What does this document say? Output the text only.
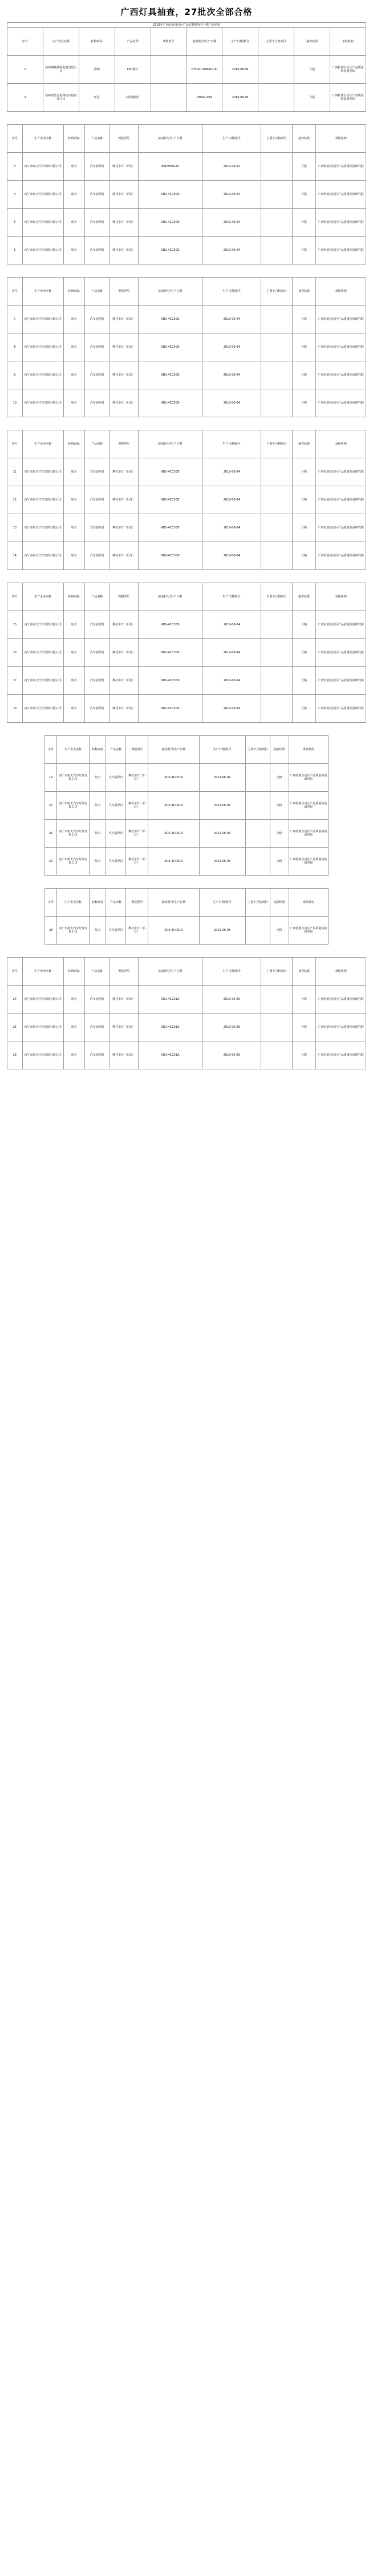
广西灯具抽查，27批次全部合格
2019年广西壮族自治区产品监督抽查不合格产品名单									
序号	生产企业名称	标称商标	产品名称	规格型号	抽查批号/生产日期	生产日期/批号	主要不合格项目	抽查结果	承检机构
1	桂林博威照明电器有限公司	照明	LED路灯		PT5L87-06640100	2019-06-04		合格	广西壮族自治区产品质量检验研究院
2	桂林恒达光电科技有限责任公司	恒达	太阳能路灯		93042-039	2019-06-04		合格	广西壮族自治区产品质量检验研究院
序号	生产企业名称	标称商标	产品名称	规格型号	抽查批号/生产日期	生产日期/批号	主要不合格项目	抽查结果	承检机构
3	南宁市航天汽车灯饰有限公司	航天	汽车前照灯	摩托车灯（后灯）	B4D800G20	2019-06-02		合格	广西壮族自治区产品质量检验研究院
4	南宁市航天汽车灯饰有限公司	航天	汽车前照灯	摩托车灯（后灯）	XD1-4CC50D	2019-06-04		合格	广西壮族自治区产品质量检验研究院
5	南宁市航天汽车灯饰有限公司	航天	汽车前照灯	摩托车灯（后灯）	XD1-4CC50D	2019-06-04		合格	广西壮族自治区产品质量检验研究院
6	南宁市航天汽车灯饰有限公司	航天	汽车前照灯	摩托车灯（后灯）	XD1-4CC50D	2019-06-04		合格	广西壮族自治区产品质量检验研究院
序号	生产企业名称	标称商标	产品名称	规格型号	抽查批号/生产日期	生产日期/批号	主要不合格项目	抽查结果	承检机构
7	南宁市航天汽车灯饰有限公司	航天	汽车前照灯	摩托车灯（后灯）	XD1-4CC50D	2019-06-04		合格	广西壮族自治区产品质量检验研究院
8	南宁市航天汽车灯饰有限公司	航天	汽车前照灯	摩托车灯（后灯）	XD1-4CC50D	2019-06-04		合格	广西壮族自治区产品质量检验研究院
9	南宁市航天汽车灯饰有限公司	航天	汽车前照灯	摩托车灯（后灯）	XD1-4CC50D	2019-06-04		合格	广西壮族自治区产品质量检验研究院
10	南宁市航天汽车灯饰有限公司	航天	汽车前照灯	摩托车灯（后灯）	XD1-4CC50D	2019-06-04		合格	广西壮族自治区产品质量检验研究院
序号	生产企业名称	标称商标	产品名称	规格型号	抽查批号/生产日期	生产日期/批号	主要不合格项目	抽查结果	承检机构
11	南宁市航天汽车灯饰有限公司	航天	汽车前照灯	摩托车灯（后灯）	XD1-4CC50D	2019-06-04		合格	广西壮族自治区产品质量检验研究院
12	南宁市航天汽车灯饰有限公司	航天	汽车前照灯	摩托车灯（后灯）	XD1-4CC50D	2019-06-04		合格	广西壮族自治区产品质量检验研究院
13	南宁市航天汽车灯饰有限公司	航天	汽车前照灯	摩托车灯（后灯）	XD1-4CC50D	2019-06-04		合格	广西壮族自治区产品质量检验研究院
14	南宁市航天汽车灯饰有限公司	航天	汽车前照灯	摩托车灯（后灯）	XD1-4CC50D	2019-06-04		合格	广西壮族自治区产品质量检验研究院
序号	生产企业名称	标称商标	产品名称	规格型号	抽查批号/生产日期	生产日期/批号	主要不合格项目	抽查结果	承检机构
15	南宁市航天汽车灯饰有限公司	航天	汽车前照灯	摩托车灯（后灯）	XD1-4CC50D	2019-06-04		合格	广西壮族自治区产品质量检验研究院
16	南宁市航天汽车灯饰有限公司	航天	汽车前照灯	摩托车灯（后灯）	XD1-4CC50D	2019-06-04		合格	广西壮族自治区产品质量检验研究院
17	南宁市航天汽车灯饰有限公司	航天	汽车前照灯	摩托车灯（后灯）	XD1-4CC50D	2019-06-04		合格	广西壮族自治区产品质量检验研究院
18	南宁市航天汽车灯饰有限公司	航天	汽车前照灯	摩托车灯（后灯）	XD1-4CC50D	2019-06-04		合格	广西壮族自治区产品质量检验研究院
序号	生产企业名称	标称商标	产品名称	规格型号	抽查批号/生产日期	生产日期/批号	主要不合格项目	抽查结果	承检机构
19	南宁市航天汽车灯饰有限公司	航天	汽车前照灯	摩托车灯（后灯）	XD1-4CC51A	2019-06-04		合格	广西壮族自治区产品质量检验研究院
20	南宁市航天汽车灯饰有限公司	航天	汽车前照灯	摩托车灯（后灯）	XD1-4CC51A	2019-06-04		合格	广西壮族自治区产品质量检验研究院
21	南宁市航天汽车灯饰有限公司	航天	汽车前照灯	摩托车灯（后灯）	XD1-4CC51A	2019-06-04		合格	广西壮族自治区产品质量检验研究院
22	南宁市航天汽车灯饰有限公司	航天	汽车前照灯	摩托车灯（后灯）	XD1-4CC51A	2019-06-04		合格	广西壮族自治区产品质量检验研究院
序号	生产企业名称	标称商标	产品名称	规格型号	抽查批号/生产日期	生产日期/批号	主要不合格项目	抽查结果	承检机构
23	南宁市航天汽车灯饰有限公司	航天	汽车前照灯	摩托车灯（后灯）	XD1-4CC51A	2019-06-05		合格	广西壮族自治区产品质量检验研究院
序号	生产企业名称	标称商标	产品名称	规格型号	抽查批号/生产日期	生产日期/批号	主要不合格项目	抽查结果	承检机构
24	南宁市航天汽车灯饰有限公司	航天	汽车前照灯	摩托车灯（后灯）	XD1-4CC51A	2019-06-05		合格	广西壮族自治区产品质量检验研究院
25	南宁市航天汽车灯饰有限公司	航天	汽车前照灯	摩托车灯（后灯）	XD1-4CC51A	2019-06-05		合格	广西壮族自治区产品质量检验研究院
26	南宁市航天汽车灯饰有限公司	航天	汽车前照灯	摩托车灯（后灯）	XD1-4CC51A	2019-06-05		合格	广西壮族自治区产品质量检验研究院
